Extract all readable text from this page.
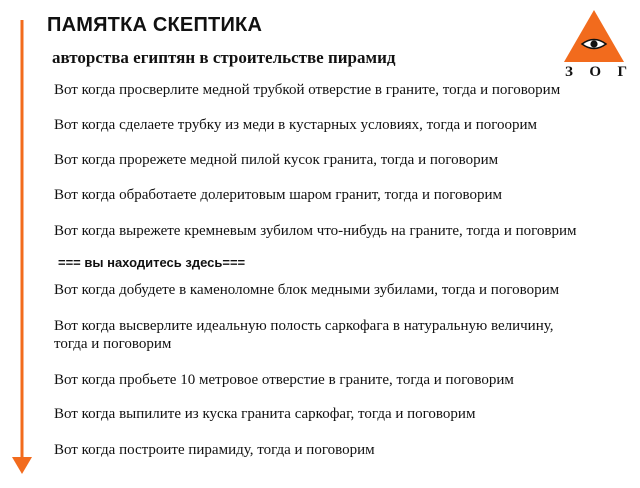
ПАМЯТКА СКЕПТИКА
авторства египтян в строительстве пирамид
З О Г
Вот когда просверлите медной трубкой отверстие в граните, тогда и поговорим
Вот когда сделаете трубку из меди в кустарных условиях, тогда и погоорим
Вот когда прорежете медной пилой кусок гранита, тогда и поговорим
Вот когда обработаете долеритовым шаром гранит, тогда и поговорим
Вот когда вырежете кремневым зубилом что-нибудь на граните, тогда и поговрим
=== вы находитесь здесь===
Вот когда добудете в каменоломне блок медными зубилами, тогда и поговорим
Вот когда высверлите идеальную полость саркофага в натуральную величину,
тогда и поговорим
Вот когда пробьете 10 метровое отверстие в граните, тогда и поговорим
Вот когда выпилите из куска гранита саркофаг, тогда и поговорим
Вот когда построите пирамиду, тогда и поговорим
